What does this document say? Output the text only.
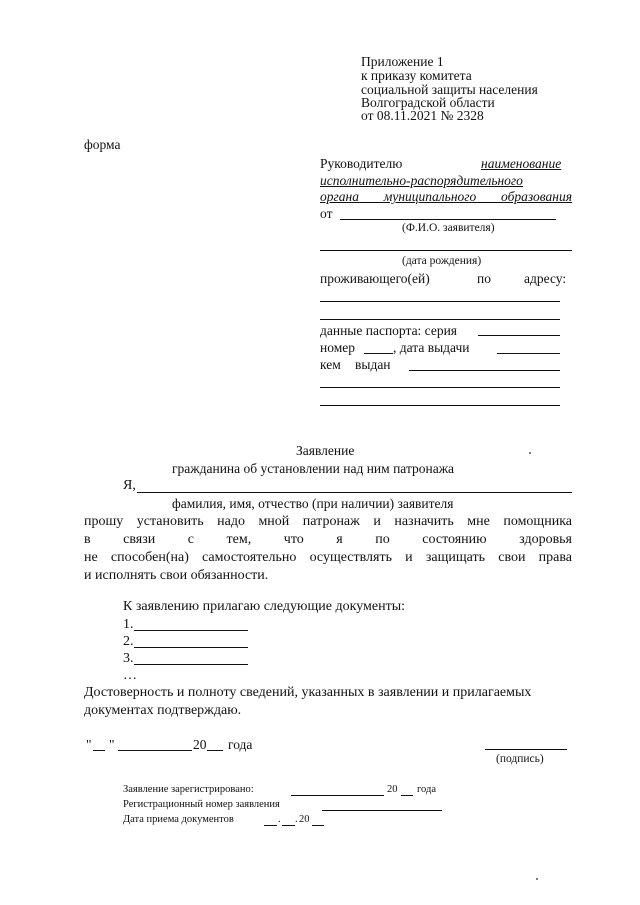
Приложение 1
к приказу комитета
социальной защиты населения
Волгоградской области
от 08.11.2021 № 2328
форма
Руководителю	наименование
исполнительно-распорядительного
органа муниципального образования
от
(Ф.И.О. заявителя)
(дата рождения)
проживающего(ей)	по адресу:
данные паспорта: серия
номер	, дата выдачи
кем выдан
Заявление
гражданина об установлении над ним патронажа
Я,
фамилия, имя, отчество (при наличии) заявителя
прошу установить надо мной патронаж и назначить мне помощника
в связи с тем, что я по состоянию здоровья
не способен(на) самостоятельно осуществлять и защищать свои права
и исполнять свои обязанности.
К заявлению прилагаю следующие документы:
1.
2.
3.
…
Достоверность и полноту сведений, указанных в заявлении и прилагаемых
документах подтверждаю.
" "	20 года
(подпись)
Заявление зарегистрировано:	20 года
Регистрационный номер заявления
Дата приема документов	. . 20
